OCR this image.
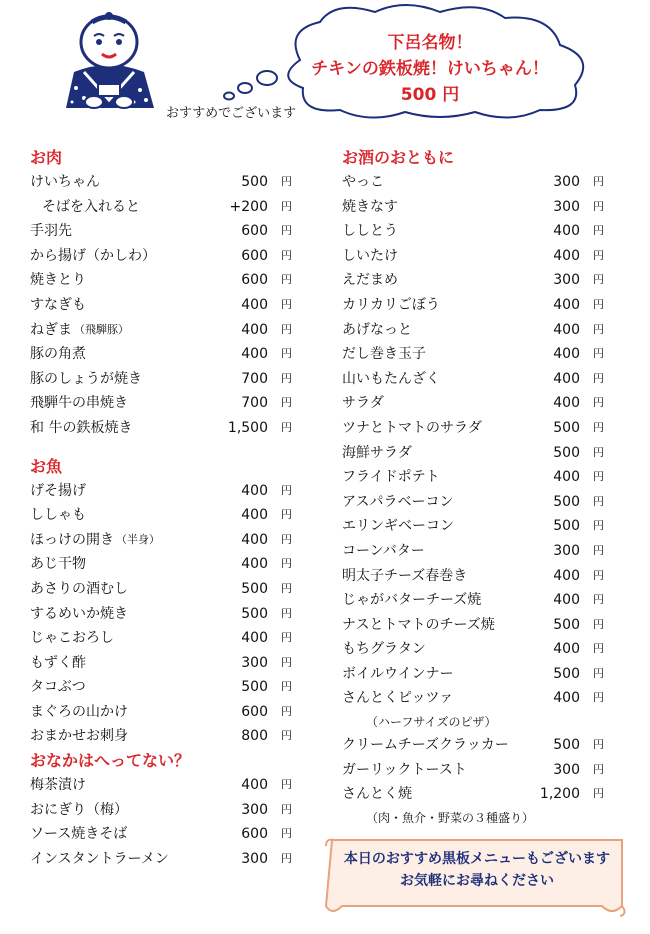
下呂名物！
チキンの鉄板焼！けいちゃん！
500 円
おすすめでございます
お肉
けいちゃん	500 円
そばを入れると	+200 円
手羽先	600 円
から揚げ（かしわ）	600 円
焼きとり	600 円
すなぎも	400 円
ねぎま （飛騨豚）	400 円
豚の角煮	400 円
豚のしょうが焼き	700 円
飛騨牛の串焼き	700 円
和 牛の鉄板焼き	1,500 円
お魚
げそ揚げ	400 円
ししゃも	400 円
ほっけの開き （半身）	400 円
あじ干物	400 円
あさりの酒むし	500 円
するめいか焼き	500 円
じゃこおろし	400 円
もずく酢	300 円
タコぶつ	500 円
まぐろの山かけ	600 円
おまかせお刺身	800 円
おなかはへってない？
梅茶漬け	400 円
おにぎり（梅）	300 円
ソース焼きそば	600 円
インスタントラーメン	300 円
お酒のおともに
やっこ	300 円
焼きなす	300 円
ししとう	400 円
しいたけ	400 円
えだまめ	300 円
カリカリごぼう	400 円
あげなっと	400 円
だし巻き玉子	400 円
山いもたんざく	400 円
サラダ	400 円
ツナとトマトのサラダ	500 円
海鮮サラダ	500 円
フライドポテト	400 円
アスパラベーコン	500 円
エリンギベーコン	500 円
コーンバター	300 円
明太子チーズ春巻き	400 円
じゃがバターチーズ焼	400 円
ナスとトマトのチーズ焼	500 円
もちグラタン	400 円
ボイルウインナー	500 円
さんとくピッツァ	400 円
（ハーフサイズのピザ）
クリームチーズクラッカー	500 円
ガーリックトースト	300 円
さんとく焼	1,200 円
（肉・魚介・野菜の３種盛り）
本日のおすすめ黒板メニューもございます
お気軽にお尋ねください
